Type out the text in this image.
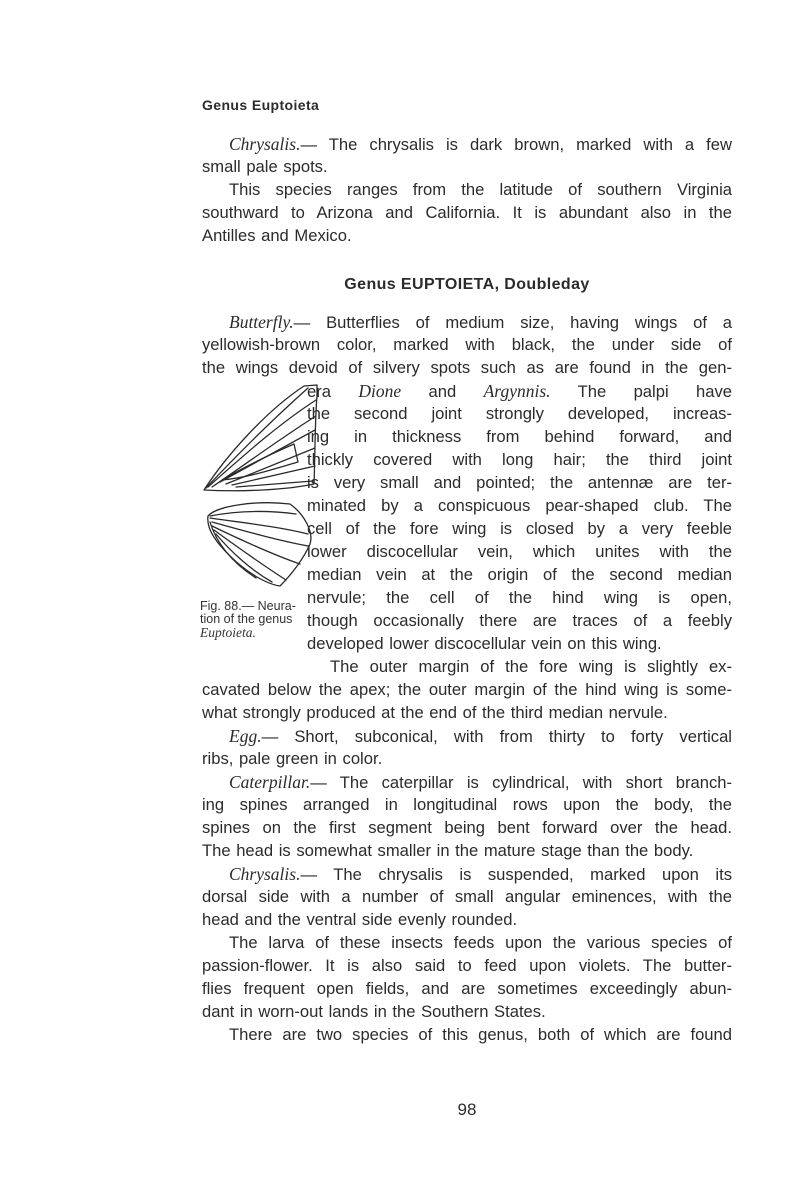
Genus Euptoieta
Chrysalis.— The chrysalis is dark brown, marked with a few
small pale spots.
This species ranges from the latitude of southern Virginia
southward to Arizona and California. It is abundant also in the
Antilles and Mexico.
Genus EUPTOIETA, Doubleday
Butterfly.— Butterflies of medium size, having wings of a
yellowish-brown color, marked with black, the under side of
the wings devoid of silvery spots such as are found in the gen-
era Dione and Argynnis. The palpi have
the second joint strongly developed, increas-
ing in thickness from behind forward, and
thickly covered with long hair; the third joint
is very small and pointed; the antennæ are ter-
minated by a conspicuous pear-shaped club. The
cell of the fore wing is closed by a very feeble
lower discocellular vein, which unites with the
median vein at the origin of the second median
nervule; the cell of the hind wing is open,
though occasionally there are traces of a feebly
developed lower discocellular vein on this wing.
The outer margin of the fore wing is slightly ex-
cavated below the apex; the outer margin of the hind wing is some-
what strongly produced at the end of the third median nervule.
Egg.— Short, subconical, with from thirty to forty vertical
ribs, pale green in color.
Caterpillar.— The caterpillar is cylindrical, with short branch-
ing spines arranged in longitudinal rows upon the body, the
spines on the first segment being bent forward over the head.
The head is somewhat smaller in the mature stage than the body.
Chrysalis.— The chrysalis is suspended, marked upon its
dorsal side with a number of small angular eminences, with the
head and the ventral side evenly rounded.
The larva of these insects feeds upon the various species of
passion-flower. It is also said to feed upon violets. The butter-
flies frequent open fields, and are sometimes exceedingly abun-
dant in worn-out lands in the Southern States.
There are two species of this genus, both of which are found
Fig. 88.— Neura-
tion of the genus
Euptoieta.
98
